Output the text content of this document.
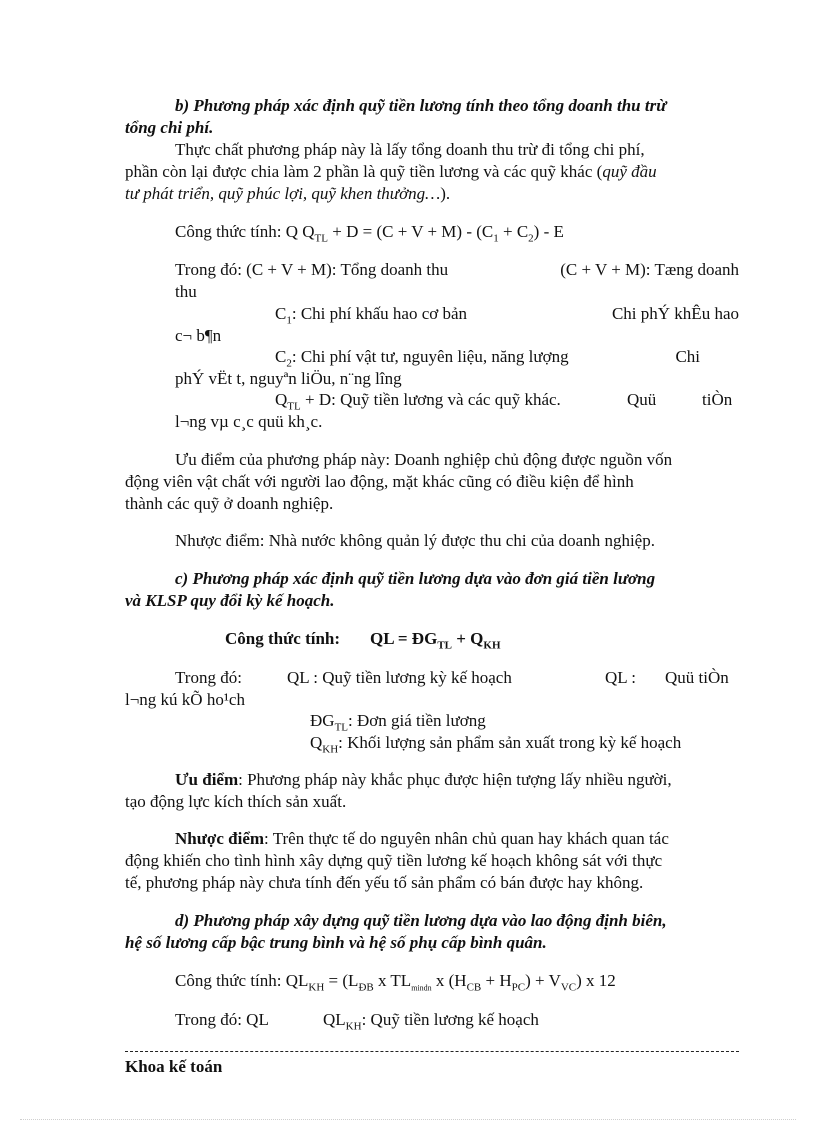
b) Phương pháp xác định quỹ tiền lương tính theo tổng doanh thu trừ
tổng chi phí.
Thực chất phương pháp này là lấy tổng doanh thu trừ đi tổng chi phí,
phần còn lại được chia làm 2 phần là quỹ tiền lương và các quỹ khác (quỹ đầu
tư phát triển, quỹ phúc lợi, quỹ khen thưởng…).
Công thức tính: Q $Q_{TL} + D = (C + V + M) - (C_1 + C_2) - E$
Trong đó: (C + V + M): Tổng doanh thu	(C + V + M): Tæng doanh
thu
$C_1$: Chi phí khấu hao cơ bản	Chi phÝ khÊu hao
c¬ b¶n
$C_2$: Chi phí vật tư, nguyên liệu, năng lượng	Chi
phÝ vËt t, nguyªn liÖu, n¨ng lîng
$Q_{TL} + D$: Quỹ tiền lương và các quỹ khác.	Quü	tiÒn
l¬ng vµ c¸c quü kh¸c.
Ưu điểm của phương pháp này: Doanh nghiệp chủ động được nguồn vốn
động viên vật chất với người lao động, mặt khác cũng có điều kiện để hình
thành các quỹ ở doanh nghiệp.
Nhược điểm: Nhà nước không quản lý được thu chi của doanh nghiệp.
c) Phương pháp xác định quỹ tiền lương dựa vào đơn giá tiền lương
và KLSP quy đổi kỳ kế hoạch.
Công thức tính: QL = $ĐG_{TL} + Q_{KH}$
Trong đó:	QL : Quỹ tiền lương kỳ kế hoạch	QL : Quü tiÒn
l¬ng kú kÕ ho¹ch
$ĐG_{TL}$: Đơn giá tiền lương
$Q_{KH}$: Khối lượng sản phẩm sản xuất trong kỳ kế hoạch
Ưu điểm: Phương pháp này khắc phục được hiện tượng lấy nhiều người,
tạo động lực kích thích sản xuất.
Nhược điểm: Trên thực tế do nguyên nhân chủ quan hay khách quan tác
động khiến cho tình hình xây dựng quỹ tiền lương kế hoạch không sát với thực
tế, phương pháp này chưa tính đến yếu tố sản phẩm có bán được hay không.
d) Phương pháp xây dựng quỹ tiền lương dựa vào lao động định biên,
hệ số lương cấp bậc trung bình và hệ số phụ cấp bình quân.
Công thức tính: $QL_{KH} = (L_{ĐB}$ x $TL_{mindn}$ x $(H_{CB} + H_{PC}) + V_{VC}$) x 12
Trong đó: QL	$QL_{KH}$: Quỹ tiền lương kế hoạch
Khoa kế toán
